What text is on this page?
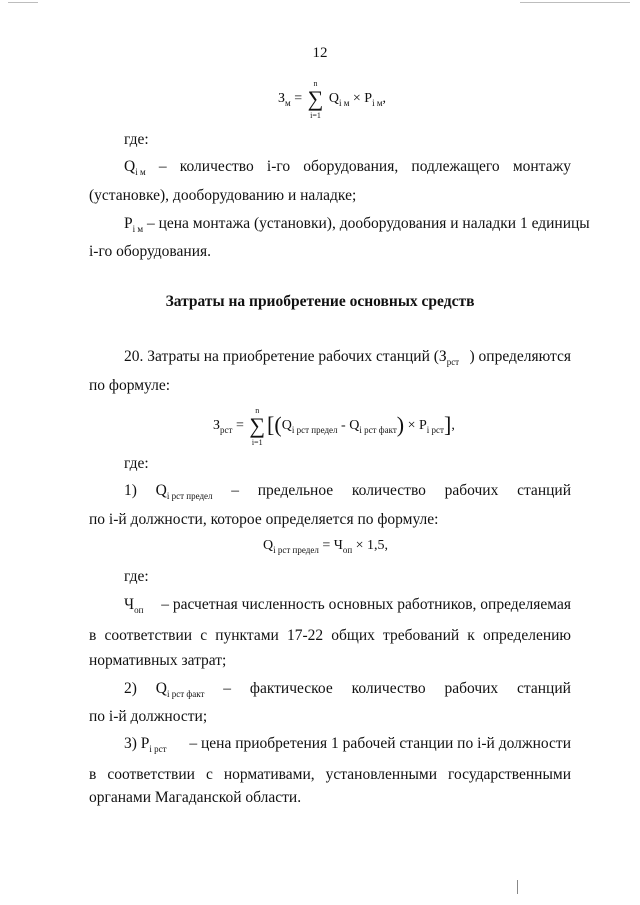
12
$З_м$ = ∑
n
i=1
$Q_{i м} \times P_{i м}$,
где:
$Q_{i м}$ – количество i-го оборудования, подлежащего монтажу
(установке), дооборудованию и наладке;
$P_{i м}$ – цена монтажа (установки), дооборудования и наладки 1 единицы
i-го оборудования.
Затраты на приобретение основных средств
20. Затраты на приобретение рабочих станций ($З_{рст}$ ) определяются
по формуле:
$З_{рст}$ = ∑
n
i=1
$[(Q_{i рст предел} - Q_{i рст факт}) \times P_{i рст}]$,
где:
1) $Q_{i рст предел}$ – предельное количество рабочих станций
по i-й должности, которое определяется по формуле:
$Q_{i рст предел} = Ч_{оп} \times 1,5$,
где:
$Ч_{оп}$ – расчетная численность основных работников, определяемая
в соответствии с пунктами 17-22 общих требований к определению
нормативных затрат;
2) $Q_{i рст факт}$ – фактическое количество рабочих станций
по i-й должности;
3) $P_{i рст}$ – цена приобретения 1 рабочей станции по i-й должности
в соответствии с нормативами, установленными государственными
органами Магаданской области.
